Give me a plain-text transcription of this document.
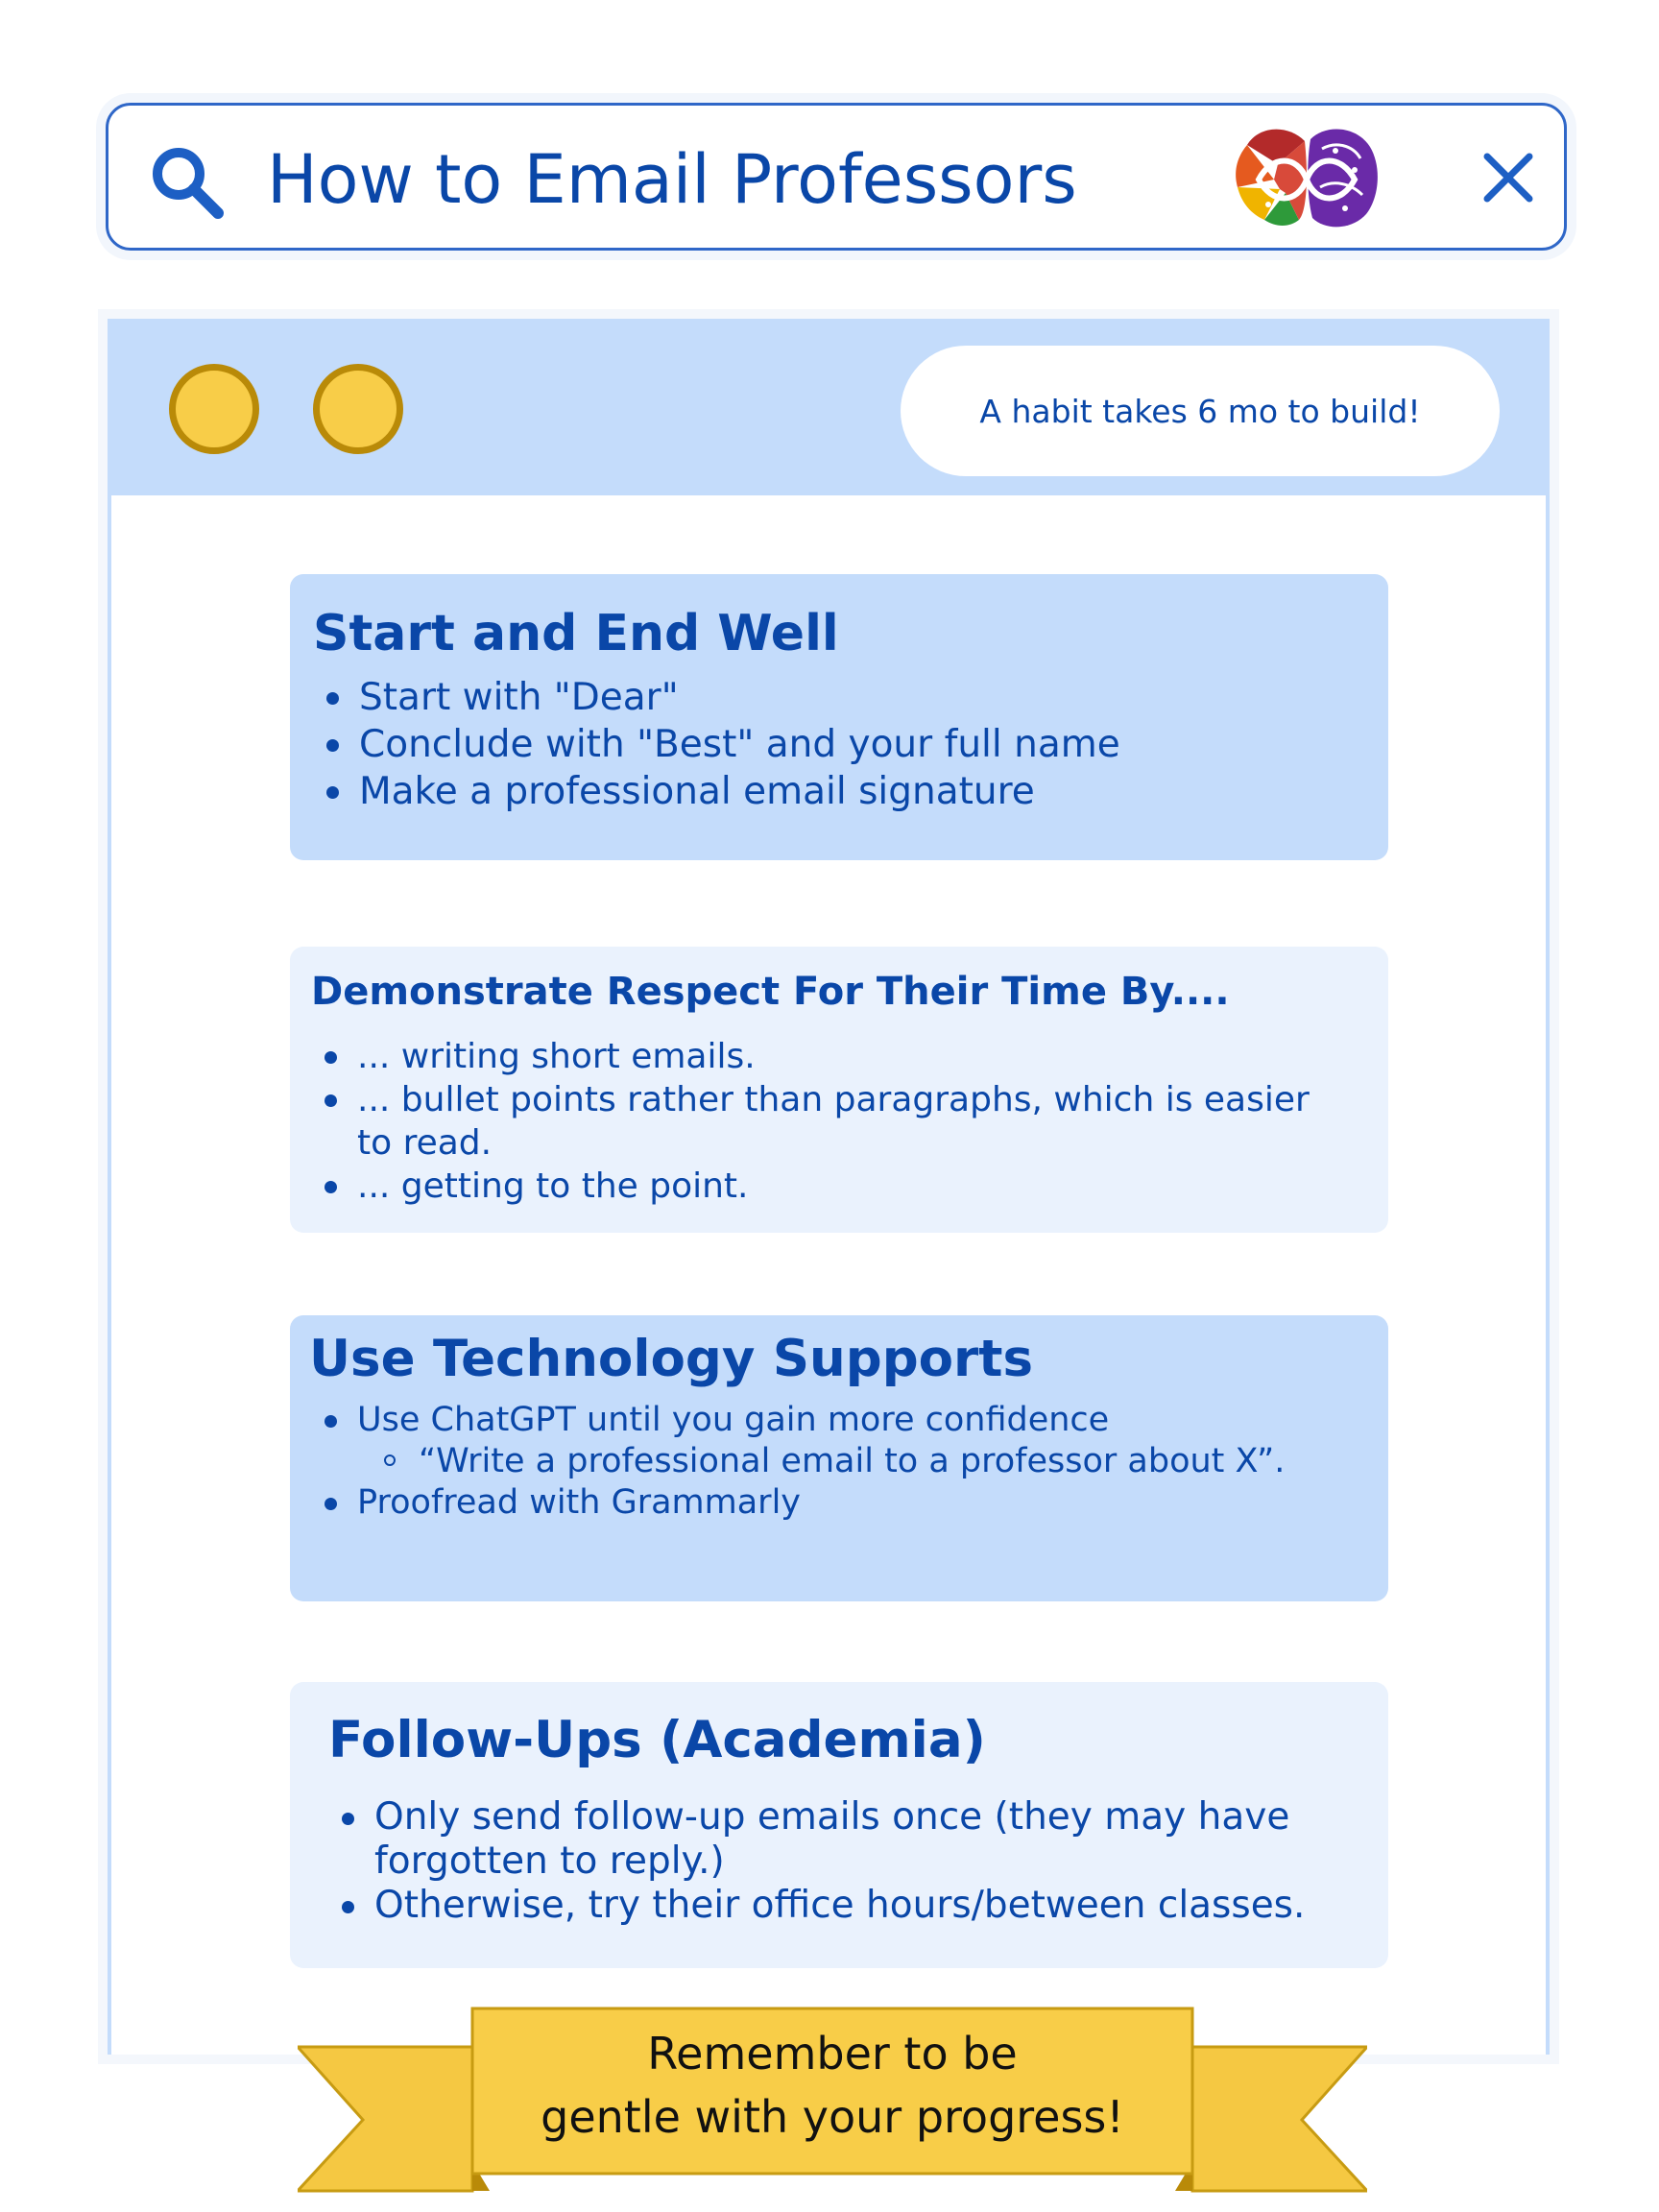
How to Email Professors
A habit takes 6 mo to build!
Start and End Well
Start with "Dear"
Conclude with "Best" and your full name
Make a professional email signature
Demonstrate Respect For Their Time By....
... writing short emails.
... bullet points rather than paragraphs, which is easier to read.
... getting to the point.
Use Technology Supports
Use ChatGPT until you gain more confidence
“Write a professional email to a professor about X”.
Proofread with Grammarly
Follow-Ups (Academia)
Only send follow-up emails once (they may have forgotten to reply.)
Otherwise, try their office hours/between classes.
Remember to be
gentle with your progress!
